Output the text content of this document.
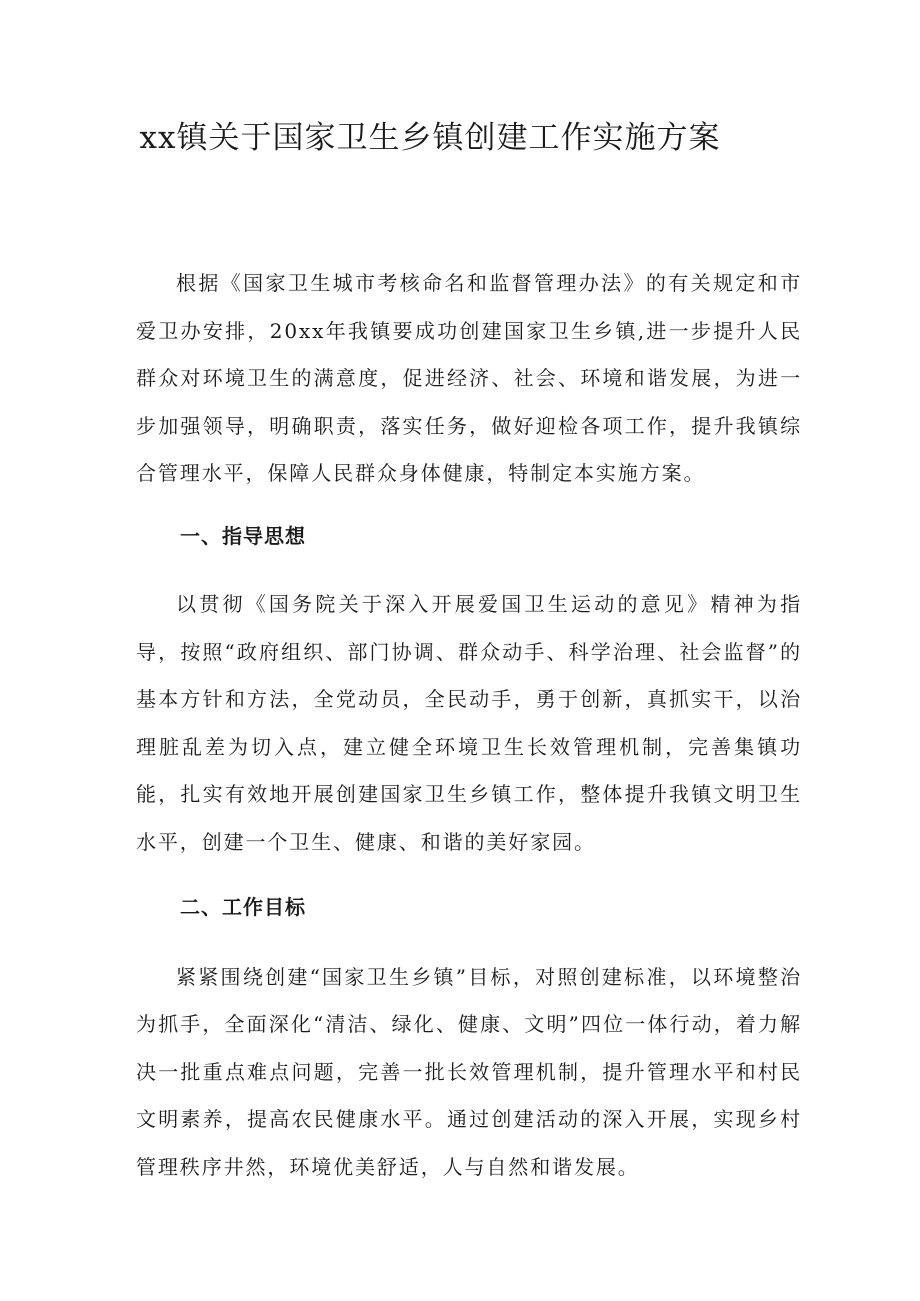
xx镇关于国家卫生乡镇创建工作实施方案

根据《国家卫生城市考核命名和监督管理办法》的有关规定和市爱卫办安排，20xx年我镇要成功创建国家卫生乡镇,进一步提升人民群众对环境卫生的满意度，促进经济、社会、环境和谐发展，为进一步加强领导，明确职责，落实任务，做好迎检各项工作，提升我镇综合管理水平，保障人民群众身体健康，特制定本实施方案。

一、指导思想

以贯彻《国务院关于深入开展爱国卫生运动的意见》精神为指导，按照“政府组织、部门协调、群众动手、科学治理、社会监督”的基本方针和方法，全党动员，全民动手，勇于创新，真抓实干，以治理脏乱差为切入点，建立健全环境卫生长效管理机制，完善集镇功能，扎实有效地开展创建国家卫生乡镇工作，整体提升我镇文明卫生水平，创建一个卫生、健康、和谐的美好家园。

二、工作目标

紧紧围绕创建“国家卫生乡镇”目标，对照创建标准，以环境整治为抓手，全面深化“清洁、绿化、健康、文明”四位一体行动，着力解决一批重点难点问题，完善一批长效管理机制，提升管理水平和村民文明素养，提高农民健康水平。通过创建活动的深入开展，实现乡村管理秩序井然，环境优美舒适，人与自然和谐发展。
